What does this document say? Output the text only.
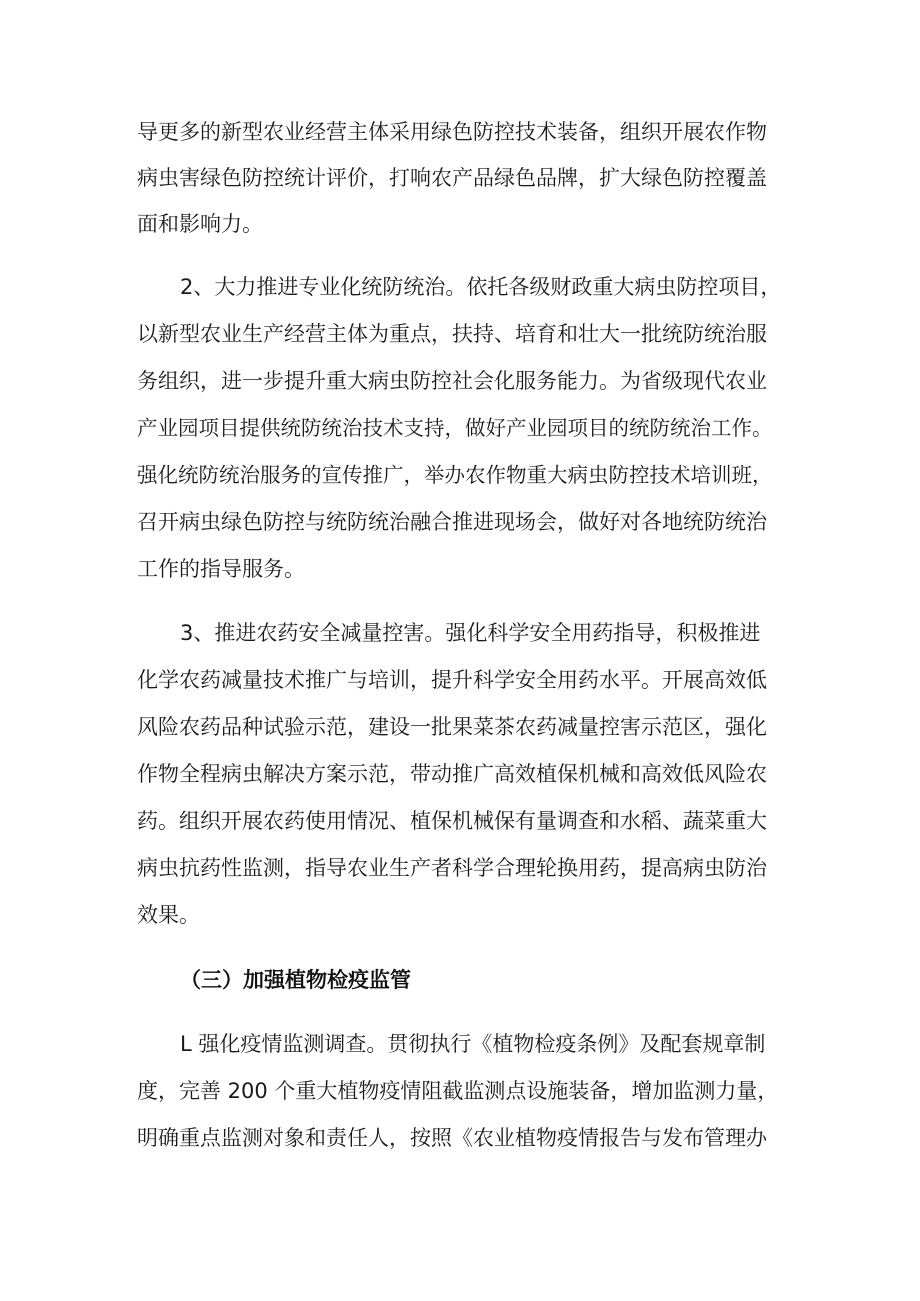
导更多的新型农业经营主体采用绿色防控技术装备，组织开展农作物
病虫害绿色防控统计评价，打响农产品绿色品牌，扩大绿色防控覆盖
面和影响力。
2、大力推进专业化统防统治。依托各级财政重大病虫防控项目，
以新型农业生产经营主体为重点，扶持、培育和壮大一批统防统治服
务组织，进一步提升重大病虫防控社会化服务能力。为省级现代农业
产业园项目提供统防统治技术支持，做好产业园项目的统防统治工作。
强化统防统治服务的宣传推广，举办农作物重大病虫防控技术培训班，
召开病虫绿色防控与统防统治融合推进现场会，做好对各地统防统治
工作的指导服务。
3、推进农药安全减量控害。强化科学安全用药指导，积极推进
化学农药减量技术推广与培训，提升科学安全用药水平。开展高效低
风险农药品种试验示范，建设一批果菜茶农药减量控害示范区，强化
作物全程病虫解决方案示范，带动推广高效植保机械和高效低风险农
药。组织开展农药使用情况、植保机械保有量调查和水稻、蔬菜重大
病虫抗药性监测，指导农业生产者科学合理轮换用药，提高病虫防治
效果。
（三）加强植物检疫监管
L 强化疫情监测调查。贯彻执行《植物检疫条例》及配套规章制
度，完善 200 个重大植物疫情阻截监测点设施装备，增加监测力量，
明确重点监测对象和责任人，按照《农业植物疫情报告与发布管理办
